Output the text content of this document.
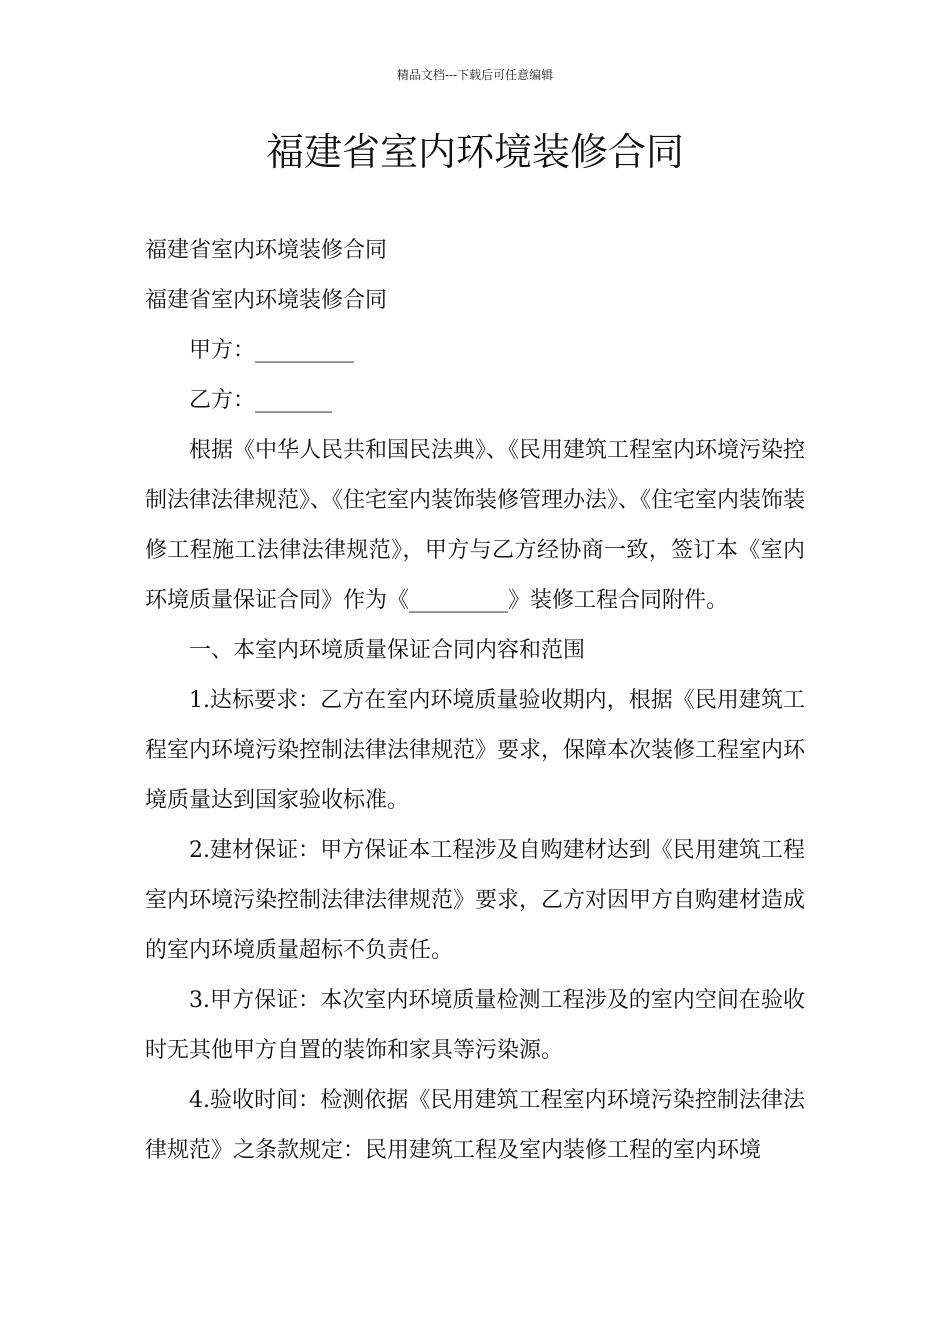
精品文档---下载后可任意编辑
福建省室内环境装修合同

福建省室内环境装修合同

福建省室内环境装修合同

甲方：_________

乙方：_______

根据《中华人民共和国民法典》、《民用建筑工程室内环境污染控制法律法律规范》、《住宅室内装饰装修管理办法》、《住宅室内装饰装修工程施工法律法律规范》，甲方与乙方经协商一致，签订本《室内环境质量保证合同》作为《_________》装修工程合同附件。

一、本室内环境质量保证合同内容和范围

1.达标要求：乙方在室内环境质量验收期内，根据《民用建筑工程室内环境污染控制法律法律规范》要求，保障本次装修工程室内环境质量达到国家验收标准。

2.建材保证：甲方保证本工程涉及自购建材达到《民用建筑工程室内环境污染控制法律法律规范》要求，乙方对因甲方自购建材造成的室内环境质量超标不负责任。

3.甲方保证：本次室内环境质量检测工程涉及的室内空间在验收时无其他甲方自置的装饰和家具等污染源。

4.验收时间：检测依据《民用建筑工程室内环境污染控制法律法律规范》之条款规定：民用建筑工程及室内装修工程的室内环境
